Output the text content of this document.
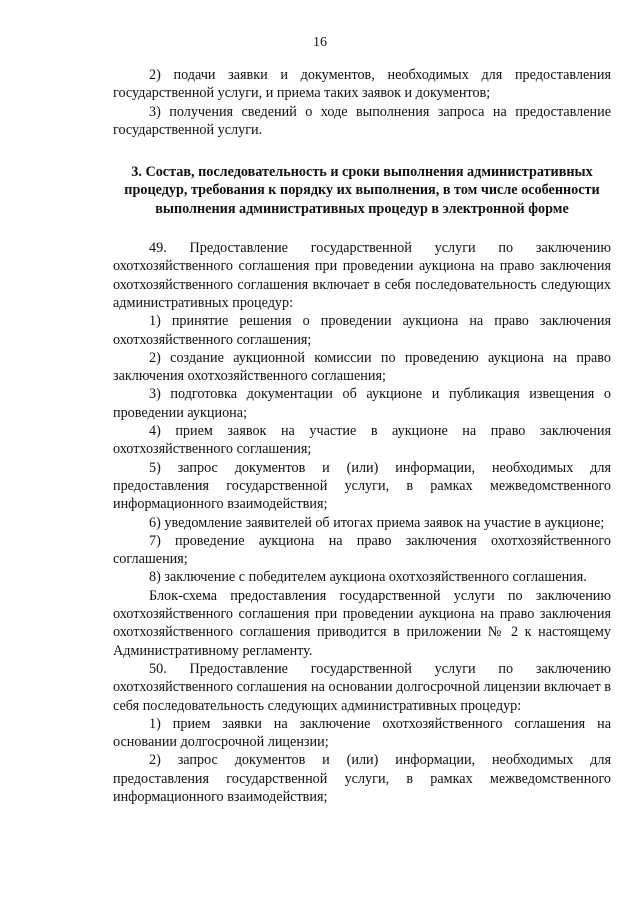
16

2) подачи заявки и документов, необходимых для предоставления государственной услуги, и приема таких заявок и документов;

3) получения сведений о ходе выполнения запроса на предоставление государственной услуги.

3. Состав, последовательность и сроки выполнения административных процедур, требования к порядку их выполнения, в том числе особенности выполнения административных процедур в электронной форме

49. Предоставление государственной услуги по заключению охотхозяйственного соглашения при проведении аукциона на право заключения охотхозяйственного соглашения включает в себя последовательность следующих административных процедур:

1) принятие решения о проведении аукциона на право заключения охотхозяйственного соглашения;

2) создание аукционной комиссии по проведению аукциона на право заключения охотхозяйственного соглашения;

3) подготовка документации об аукционе и публикация извещения о проведении аукциона;

4) прием заявок на участие в аукционе на право заключения охотхозяйственного соглашения;

5) запрос документов и (или) информации, необходимых для предоставления государственной услуги, в рамках межведомственного информационного взаимодействия;

6) уведомление заявителей об итогах приема заявок на участие в аукционе;

7) проведение аукциона на право заключения охотхозяйственного соглашения;

8) заключение с победителем аукциона охотхозяйственного соглашения.

Блок-схема предоставления государственной услуги по заключению охотхозяйственного соглашения при проведении аукциона на право заключения охотхозяйственного соглашения приводится в приложении № 2 к настоящему Административному регламенту.

50. Предоставление государственной услуги по заключению охотхозяйственного соглашения на основании долгосрочной лицензии включает в себя последовательность следующих административных процедур:

1) прием заявки на заключение охотхозяйственного соглашения на основании долгосрочной лицензии;

2) запрос документов и (или) информации, необходимых для предоставления государственной услуги, в рамках межведомственного информационного взаимодействия;
